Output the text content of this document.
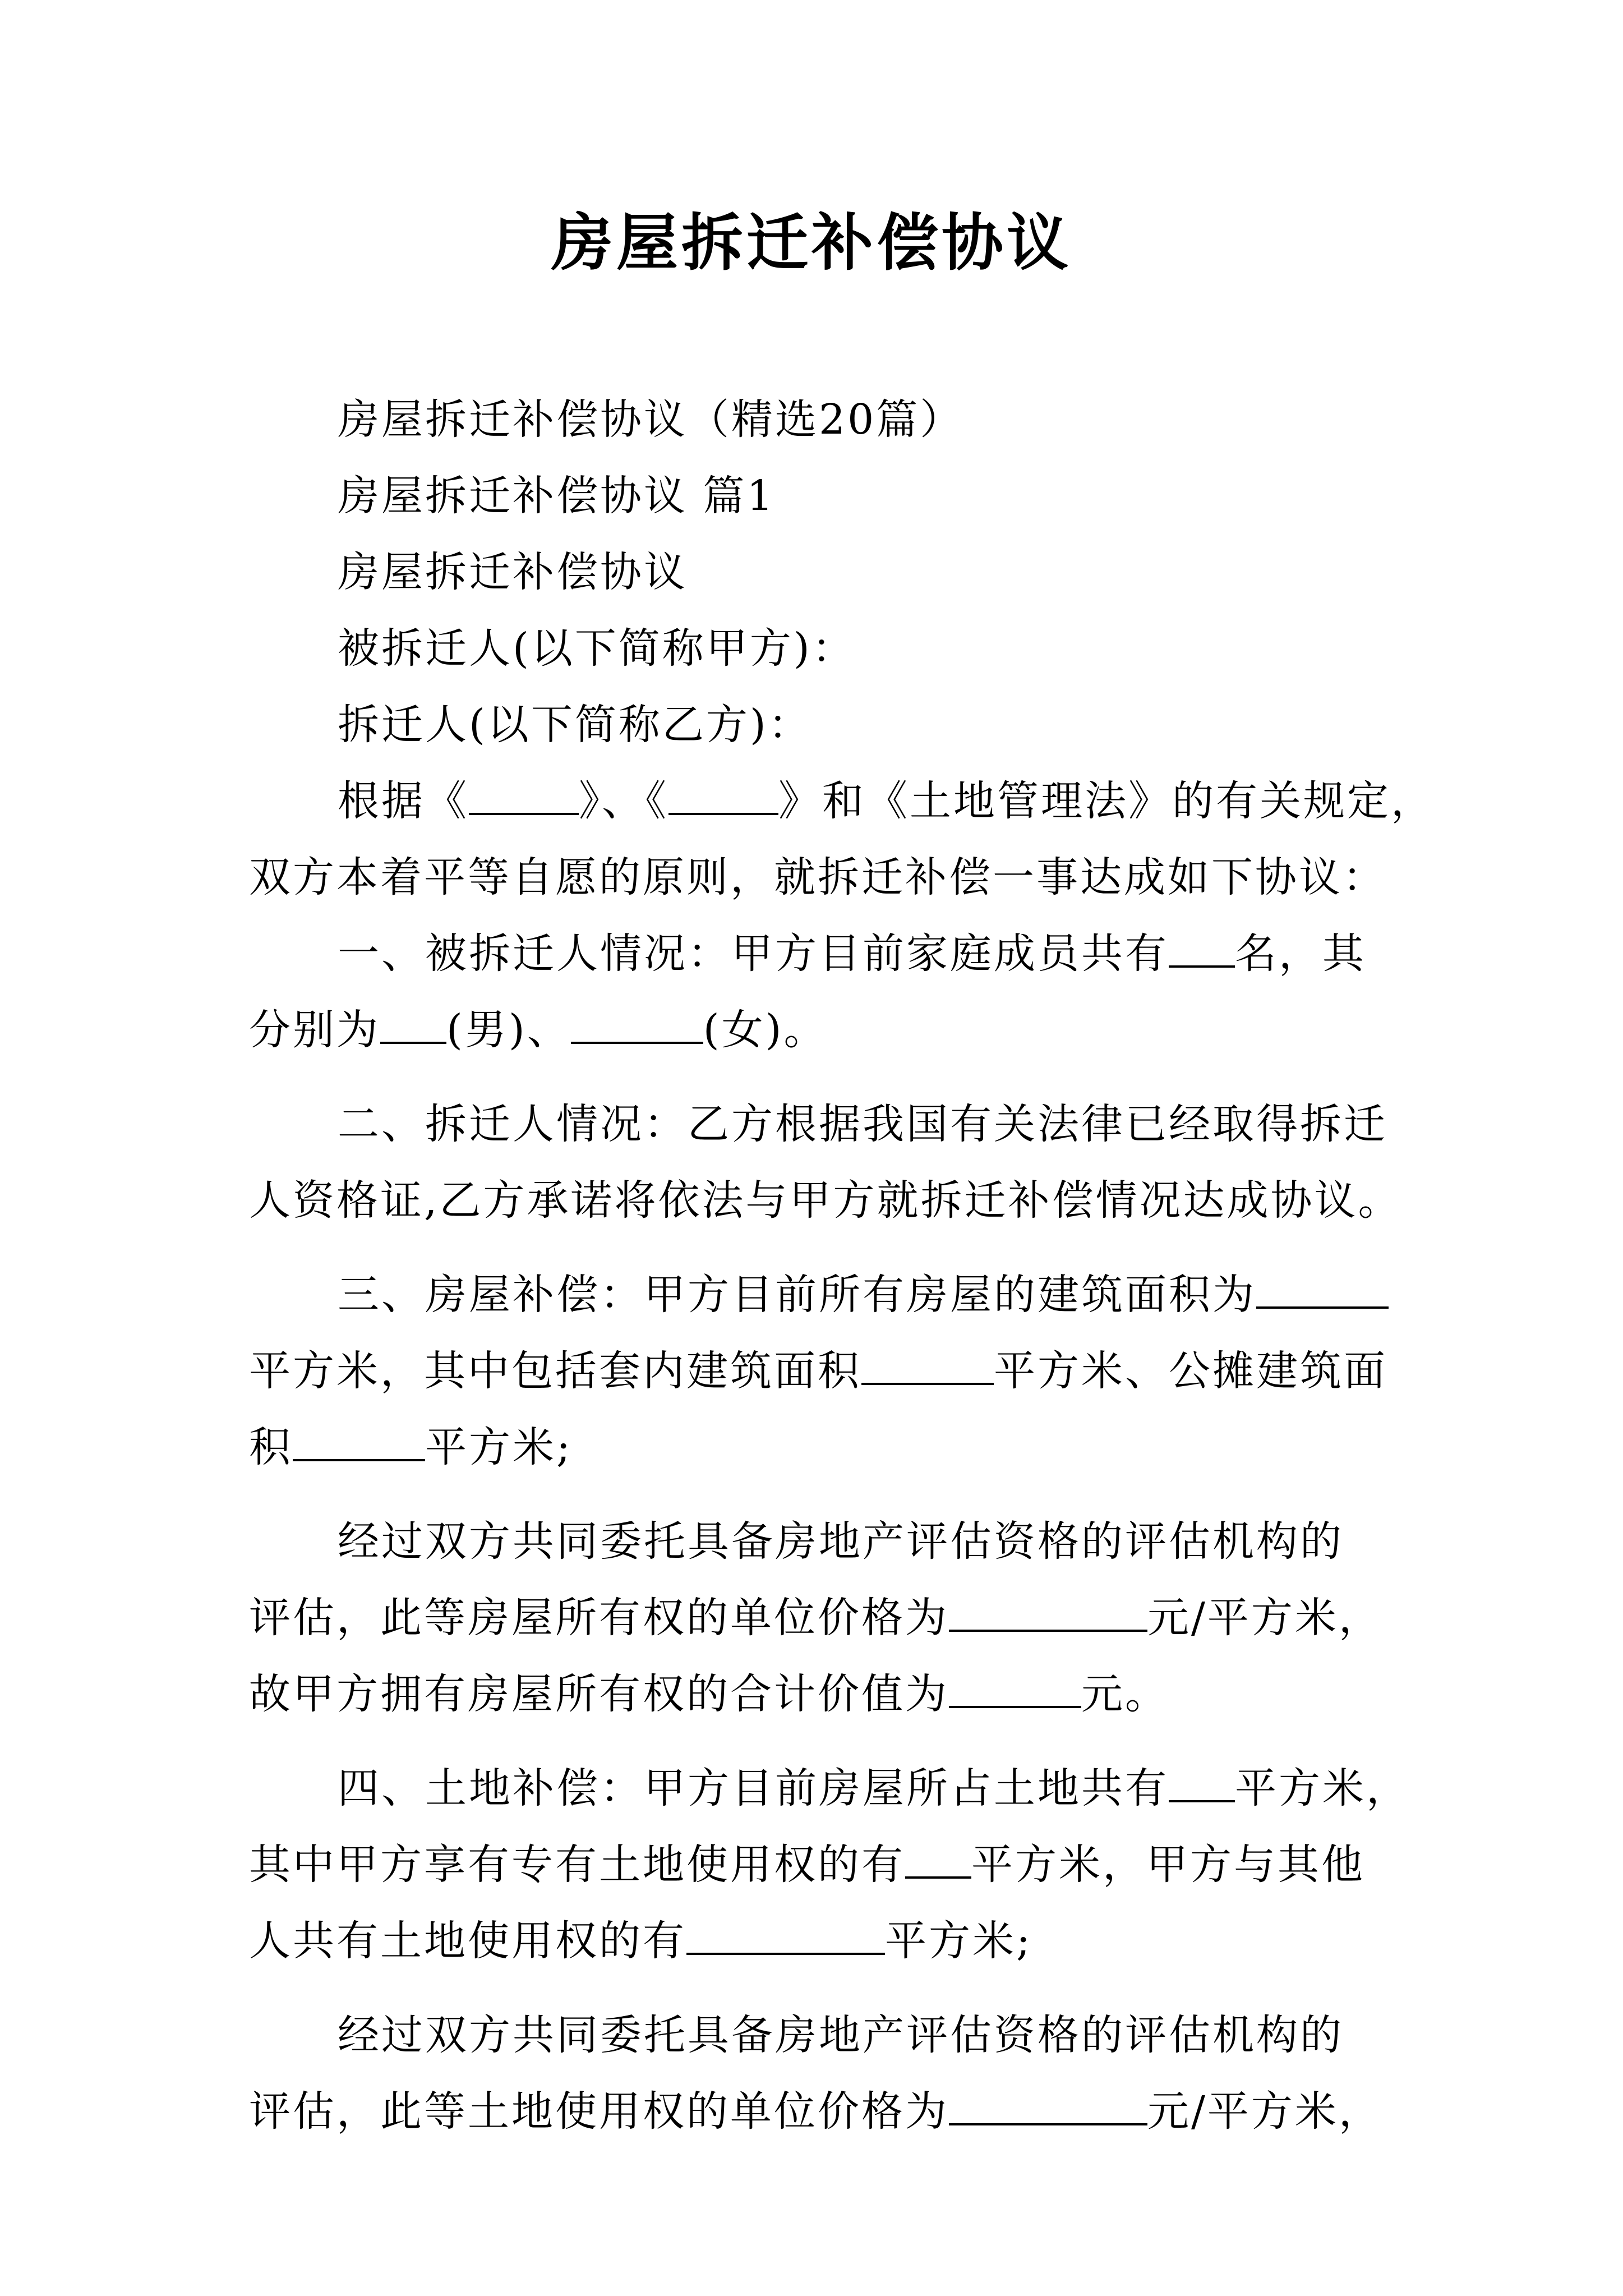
房屋拆迁补偿协议
房屋拆迁补偿协议（精选20篇）
房屋拆迁补偿协议 篇1
房屋拆迁补偿协议
被拆迁人(以下简称甲方)：
拆迁人(以下简称乙方)：
根据《	》、《	》和《土地管理法》的有关规定，
双方本着平等自愿的原则，就拆迁补偿一事达成如下协议：
一、被拆迁人情况：甲方目前家庭成员共有 名，其
分别为 (男)、	(女)。
二、拆迁人情况：乙方根据我国有关法律已经取得拆迁
人资格证,乙方承诺将依法与甲方就拆迁补偿情况达成协议。
三、房屋补偿：甲方目前所有房屋的建筑面积为
平方米，其中包括套内建筑面积	平方米、公摊建筑面
积	平方米;
经过双方共同委托具备房地产评估资格的评估机构的
评估，此等房屋所有权的单位价格为	元/平方米，
故甲方拥有房屋所有权的合计价值为	元。
四、土地补偿：甲方目前房屋所占土地共有 平方米，
其中甲方享有专有土地使用权的有 平方米，甲方与其他
人共有土地使用权的有	平方米;
经过双方共同委托具备房地产评估资格的评估机构的
评估，此等土地使用权的单位价格为	元/平方米，
